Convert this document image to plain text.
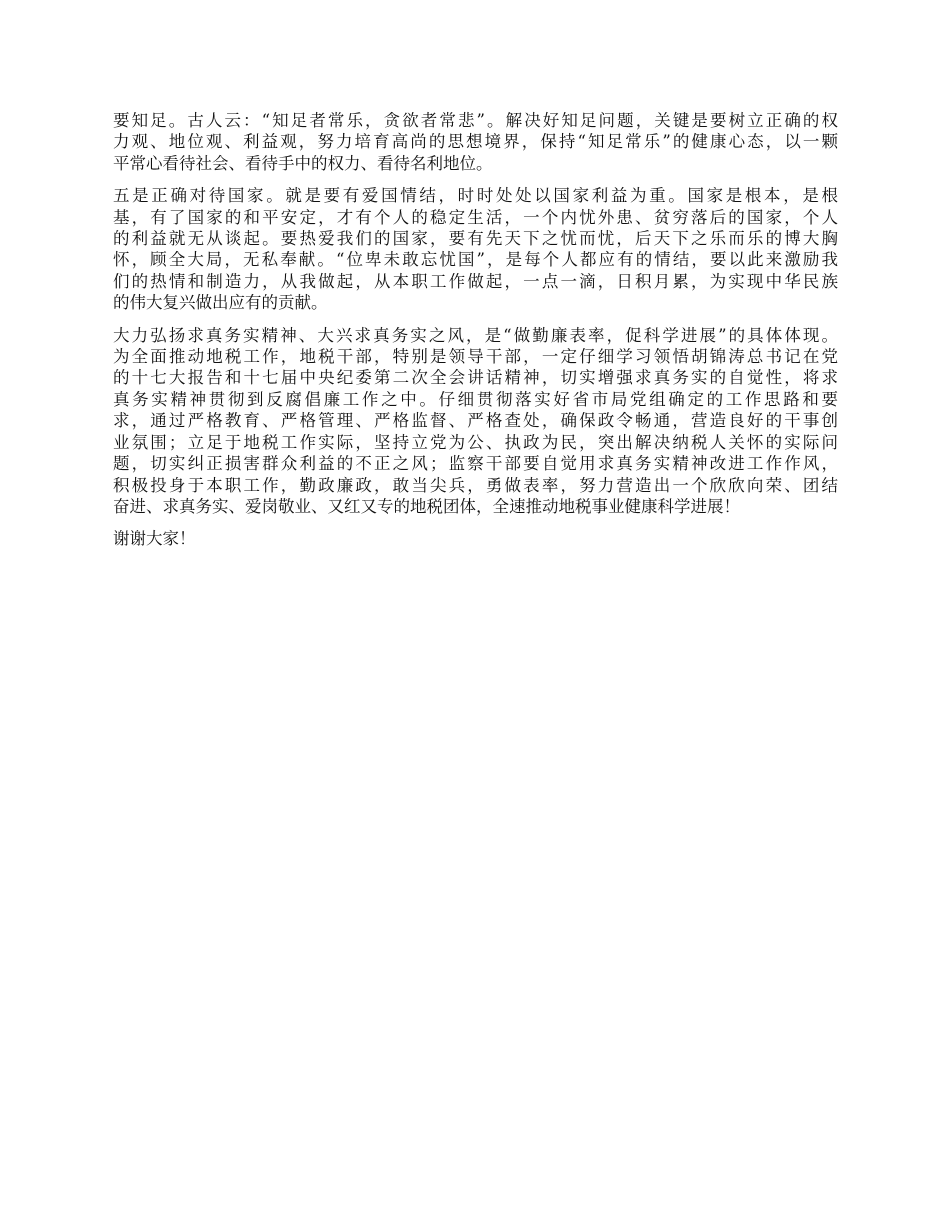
要知足。古人云：“知足者常乐，贪欲者常悲”。解决好知足问题，关键是要树立正确的权
力观、地位观、利益观，努力培育高尚的思想境界，保持“知足常乐”的健康心态，以一颗
平常心看待社会、看待手中的权力、看待名利地位。

五是正确对待国家。就是要有爱国情结，时时处处以国家利益为重。国家是根本，是根
基，有了国家的和平安定，才有个人的稳定生活，一个内忧外患、贫穷落后的国家，个人
的利益就无从谈起。要热爱我们的国家，要有先天下之忧而忧，后天下之乐而乐的博大胸
怀，顾全大局，无私奉献。“位卑未敢忘忧国”，是每个人都应有的情结，要以此来激励我
们的热情和制造力，从我做起，从本职工作做起，一点一滴，日积月累，为实现中华民族
的伟大复兴做出应有的贡献。

大力弘扬求真务实精神、大兴求真务实之风，是“做勤廉表率，促科学进展”的具体体现。
为全面推动地税工作，地税干部，特别是领导干部，一定仔细学习领悟胡锦涛总书记在党
的十七大报告和十七届中央纪委第二次全会讲话精神，切实增强求真务实的自觉性，将求
真务实精神贯彻到反腐倡廉工作之中。仔细贯彻落实好省市局党组确定的工作思路和要
求，通过严格教育、严格管理、严格监督、严格查处，确保政令畅通，营造良好的干事创
业氛围；立足于地税工作实际，坚持立党为公、执政为民，突出解决纳税人关怀的实际问
题，切实纠正损害群众利益的不正之风；监察干部要自觉用求真务实精神改进工作作风，
积极投身于本职工作，勤政廉政，敢当尖兵，勇做表率，努力营造出一个欣欣向荣、团结
奋进、求真务实、爱岗敬业、又红又专的地税团体，全速推动地税事业健康科学进展！

谢谢大家！
